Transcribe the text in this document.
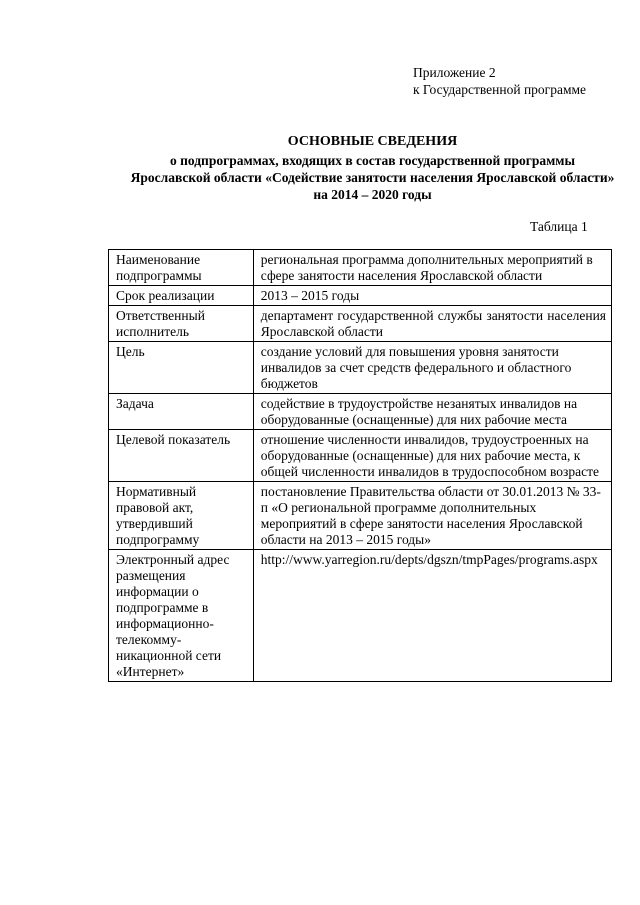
Приложение 2
к Государственной программе
ОСНОВНЫЕ СВЕДЕНИЯ
о подпрограммах, входящих в состав государственной программы Ярославской области «Содействие занятости населения Ярославской области» на 2014 – 2020 годы
Таблица 1
Наименование подпрограммы	региональная программа дополнительных мероприятий в сфере занятости населения Ярославской области
Срок реализации	2013 – 2015 годы
Ответственный исполнитель	департамент государственной службы занятости населения Ярославской области
Цель	создание условий для повышения уровня занятости инвалидов за счет средств федерального и областного бюджетов
Задача	содействие в трудоустройстве незанятых инвалидов на оборудованные (оснащенные) для них рабочие места
Целевой показатель	отношение численности инвалидов, трудоустроенных на оборудованные (оснащенные) для них рабочие места, к общей численности инвалидов в трудоспособном возрасте
Нормативный правовой акт, утвердивший подпрограмму	постановление Правительства области от 30.01.2013 № 33-п «О региональной программе дополнительных мероприятий в сфере занятости населения Ярославской области на 2013 – 2015 годы»
Электронный адрес размещения информации о подпрограмме в информационно-телекомму-никационной сети «Интернет»	http://www.yarregion.ru/depts/dgszn/tmpPages/programs.aspx
